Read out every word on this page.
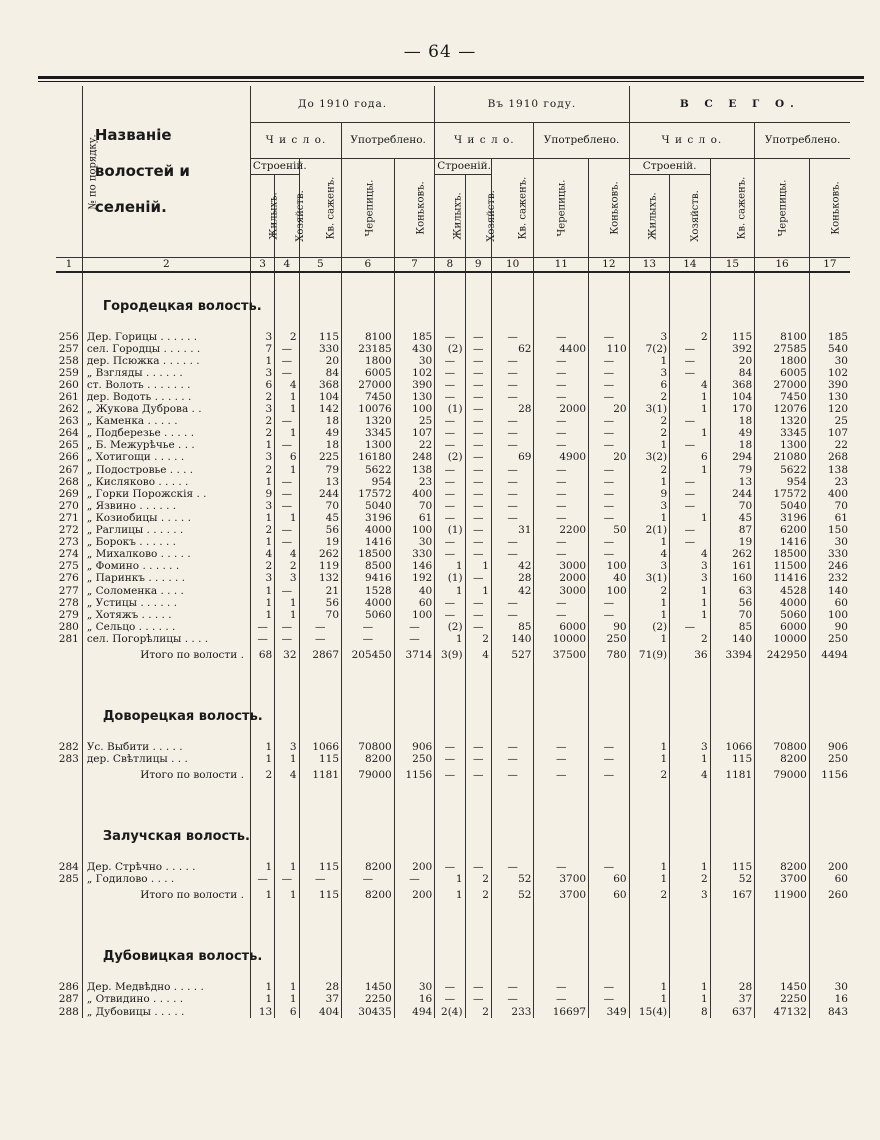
— 64 —
№ по порядку.	Названіе волостей и селеній.	До 1910 года.					Въ 1910 году.					В С Е Г О.				
		Ч и с л о.			Употреблено.		Ч и с л о.			Употреблено.		Ч и с л о.			Употреблено.	
		Строеній.		Кв. саженъ.	Черепицы.	Коньковъ.	Строеній.		Кв. саженъ.	Черепицы.	Коньковъ.	Строеній.		Кв. саженъ.	Черепицы.	Коньковъ.
		Жилыхъ.	Хозяйств.				Жилыхъ.	Хозяйств.				Жилыхъ.	Хозяйств.			
1	2	3	4	5	6	7	8	9	10	11	12	13	14	15	16	17

	Городецкая волость.															

256	Дер. Горицы . . . . . .	3	2	115	8100	185	—	—	—	—	—	3	2	115	8100	185
257	сел. Городцы . . . . . .	7	—	330	23185	430	(2)	—	62	4400	110	7(2)	—	392	27585	540
258	дер. Псюжка . . . . . .	1	—	20	1800	30	—	—	—	—	—	1	—	20	1800	30
259	„ Взгляды . . . . . .	3	—	84	6005	102	—	—	—	—	—	3	—	84	6005	102
260	ст. Волоть . . . . . . .	6	4	368	27000	390	—	—	—	—	—	6	4	368	27000	390
261	дер. Водоть . . . . . .	2	1	104	7450	130	—	—	—	—	—	2	1	104	7450	130
262	„ Жукова Дуброва . .	3	1	142	10076	100	(1)	—	28	2000	20	3(1)	1	170	12076	120
263	„ Каменка . . . . .	2	—	18	1320	25	—	—	—	—	—	2	—	18	1320	25
264	„ Подберезье . . . . .	2	1	49	3345	107	—	—	—	—	—	2	1	49	3345	107
265	„ Б. Межурѣчье . . .	1	—	18	1300	22	—	—	—	—	—	1	—	18	1300	22
266	„ Хотигощи . . . . .	3	6	225	16180	248	(2)	—	69	4900	20	3(2)	6	294	21080	268
267	„ Подостровье . . . .	2	1	79	5622	138	—	—	—	—	—	2	1	79	5622	138
268	„ Кисляково . . . . .	1	—	13	954	23	—	—	—	—	—	1	—	13	954	23
269	„ Горки Порожскія . .	9	—	244	17572	400	—	—	—	—	—	9	—	244	17572	400
270	„ Язвино . . . . . .	3	—	70	5040	70	—	—	—	—	—	3	—	70	5040	70
271	„ Козиобицы . . . . .	1	1	45	3196	61	—	—	—	—	—	1	1	45	3196	61
272	„ Раглицы . . . . . .	2	—	56	4000	100	(1)	—	31	2200	50	2(1)	—	87	6200	150
273	„ Борокъ . . . . . .	1	—	19	1416	30	—	—	—	—	—	1	—	19	1416	30
274	„ Михалково . . . . .	4	4	262	18500	330	—	—	—	—	—	4	4	262	18500	330
275	„ Фомино . . . . . .	2	2	119	8500	146	1	1	42	3000	100	3	3	161	11500	246
276	„ Паринкъ . . . . . .	3	3	132	9416	192	(1)	—	28	2000	40	3(1)	3	160	11416	232
277	„ Соломенка . . . .	1	—	21	1528	40	1	1	42	3000	100	2	1	63	4528	140
278	„ Устицы . . . . . .	1	1	56	4000	60	—	—	—	—	—	1	1	56	4000	60
279	„ Хотяжъ . . . . .	1	1	70	5060	100	—	—	—	—	—	1	1	70	5060	100
280	„ Сельцо . . . . . .	—	—	—	—	—	(2)	—	85	6000	90	(2)	—	85	6000	90
281	сел. Погорѣлицы . . . .	—	—	—	—	—	1	2	140	10000	250	1	2	140	10000	250
	Итого по волости .	68	32	2867	205450	3714	3(9)	4	527	37500	780	71(9)	36	3394	242950	4494

	Доворецкая волость.															

282	Ус. Выбити . . . . .	1	3	1066	70800	906	—	—	—	—	—	1	3	1066	70800	906
283	дер. Свѣтлицы . . .	1	1	115	8200	250	—	—	—	—	—	1	1	115	8200	250
	Итого по волости .	2	4	1181	79000	1156	—	—	—	—	—	2	4	1181	79000	1156

	Залучская волость.															

284	Дер. Стрѣчно . . . . .	1	1	115	8200	200	—	—	—	—	—	1	1	115	8200	200
285	„ Годилово . . . .	—	—	—	—	—	1	2	52	3700	60	1	2	52	3700	60
	Итого по волости .	1	1	115	8200	200	1	2	52	3700	60	2	3	167	11900	260

	Дубовицкая волость.															

286	Дер. Медвѣдно . . . . .	1	1	28	1450	30	—	—	—	—	—	1	1	28	1450	30
287	„ Отвидино . . . . .	1	1	37	2250	16	—	—	—	—	—	1	1	37	2250	16
288	„ Дубовицы . . . . .	13	6	404	30435	494	2(4)	2	233	16697	349	15(4)	8	637	47132	843
